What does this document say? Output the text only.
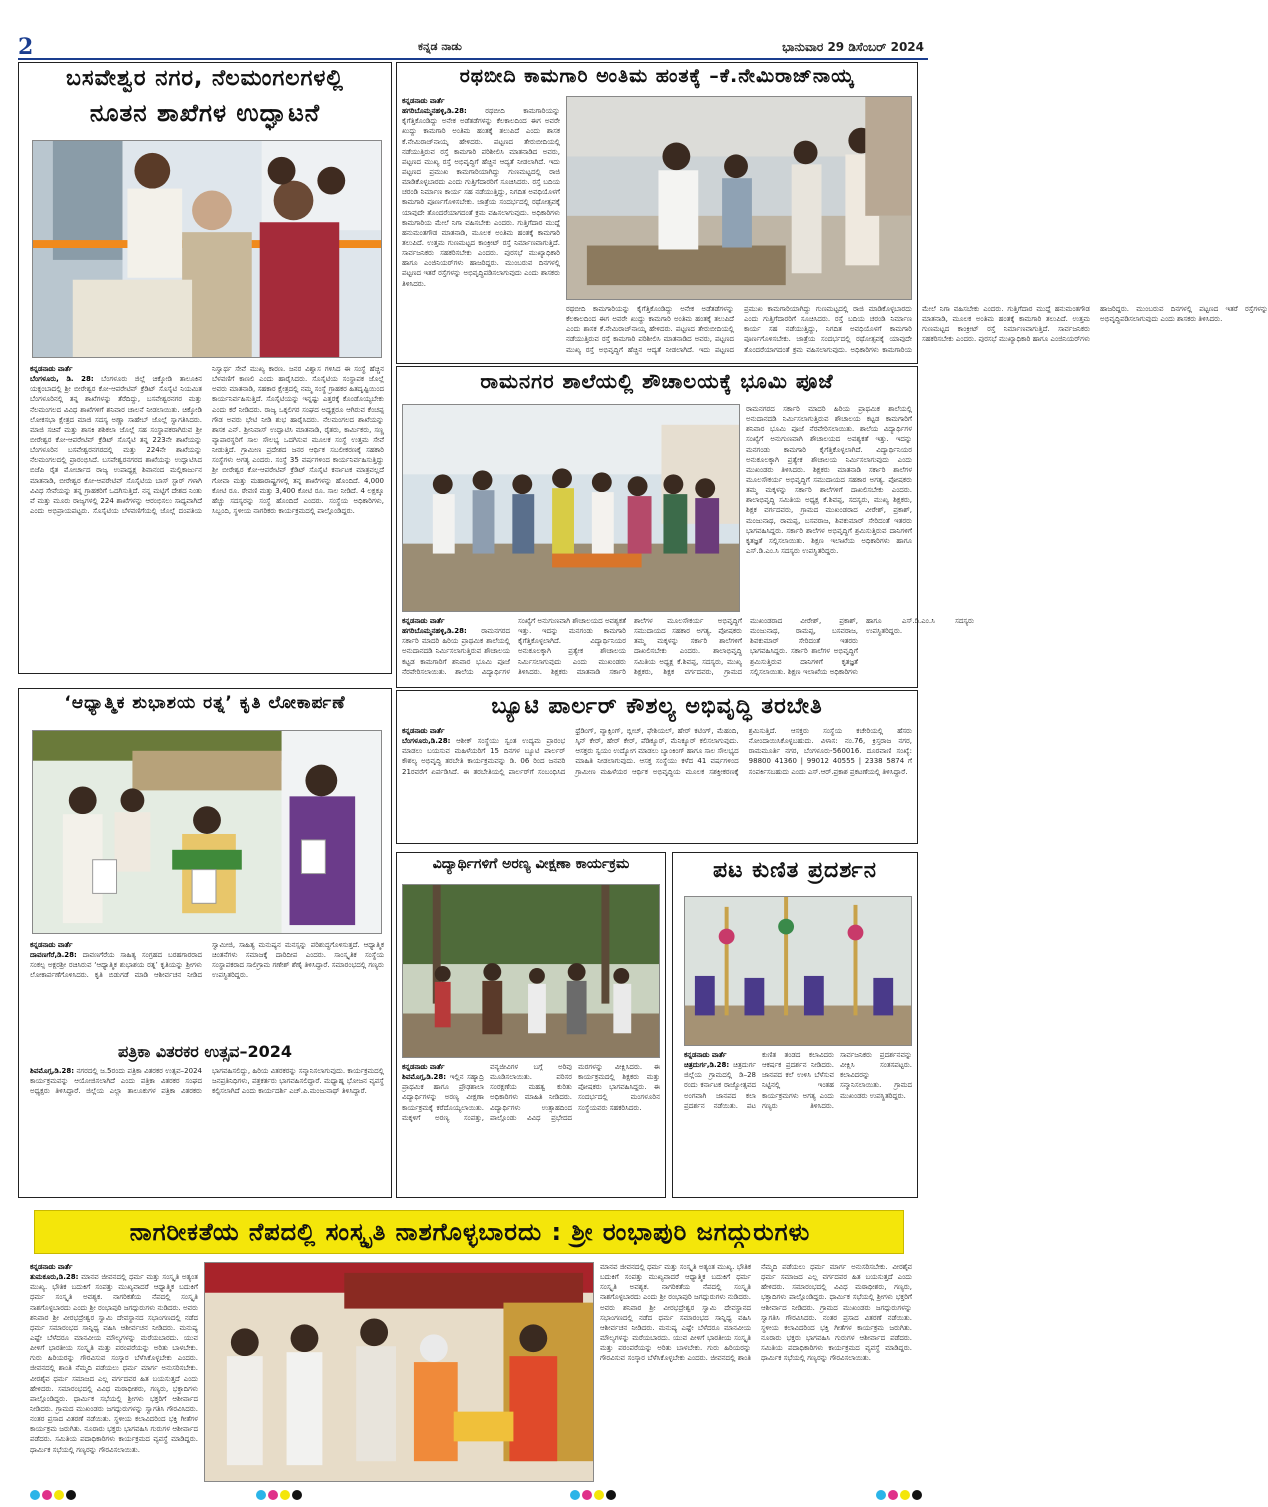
2	ಕನ್ನಡ ನಾಡು	ಭಾನುವಾರ 29 ಡಿಸೆಂಬರ್ 2024
ಬಸವೇಶ್ವರ ನಗರ, ನೆಲಮಂಗಲಗಳಲ್ಲಿ
ನೂತನ ಶಾಖೆಗಳ ಉದ್ಘಾಟನೆ
ಕನ್ನಡನಾಡು ವಾರ್ತೆ
ಬೆಂಗಳೂರು, ಡಿ. 28: ಬೆಂಗಳೂರು ಜಿಲ್ಲೆ ಚಿಕ್ಕೋಡಿ ತಾಲೂಕಿನ ಯಕ್ಸಂಬಾದಲ್ಲಿ ಶ್ರೀ ಬೀರೇಶ್ವರ ಕೋ-ಆಪರೇಟಿವ್ ಕ್ರೆಡಿಟ್ ಸೊಸೈಟಿ ನಿಯಮಿತ ಬೆಂಗಳೂರಿನಲ್ಲಿ ತನ್ನ ಶಾಖೆಗಳನ್ನು ತೆರೆದಿದ್ದು, ಬಸವೇಶ್ವರನಗರ ಮತ್ತು ನೆಲಮಂಗಲದ ವಿವಿಧ ಶಾಖೆಗಳಿಗೆ ಶನಿವಾರ ಚಾಲನೆ ನೀಡಲಾಯಿತು. ಚಿಕ್ಕೋಡಿ ಲೋಕಸಭಾ ಕ್ಷೇತ್ರದ ಮಾಜಿ ಸದಸ್ಯ ಅಣ್ಣಾ ಸಾಹೇಬ್ ಜೊಲ್ಲೆ ಸ್ವಾಗತಿಸಿದರು. ಮಾಜಿ ಸಚಿವೆ ಮತ್ತು ಶಾಸಕಿ ಶಶಿಕಲಾ ಜೊಲ್ಲೆ ಸಹ ಸಂಸ್ಥಾಪಕರಾಗಿರುವ ಶ್ರೀ ಬೀರೇಶ್ವರ ಕೋ-ಆಪರೇಟಿವ್ ಕ್ರೆಡಿಟ್ ಸೊಸೈಟಿ ತನ್ನ 223ನೇ ಶಾಖೆಯನ್ನು ಬೆಂಗಳೂರಿನ ಬಸವೇಶ್ವರನಗರದಲ್ಲಿ ಮತ್ತು 224ನೇ ಶಾಖೆಯನ್ನು ನೆಲಮಂಗಲದಲ್ಲಿ ಪ್ರಾರಂಭಿಸಿದೆ. ಬಸವೇಶ್ವರನಗರದ ಶಾಖೆಯನ್ನು ಉದ್ಘಾಟಿಸಿದ ಬಿಜೆಪಿ ರೈತ ಮೋರ್ಚಾದ ರಾಜ್ಯ ಉಪಾಧ್ಯಕ್ಷ ಶಿವಾನಂದ ಮಲ್ಲಿಕಾರ್ಜುನ ಮಾತನಾಡಿ, ಬೀರೇಶ್ವರ ಕೋ-ಆಪರೇಟಿವ್ ಸೊಸೈಟಿಯ ಬಾಸ್‌ ಸ್ಟಾರ್ ಗಳಾಗಿ ವಿವಿಧ ಸೇವೆಯನ್ನು ತನ್ನ ಗ್ರಾಹಕರಿಗೆ ಒದಗಿಸುತ್ತಿದೆ. ನನ್ನ ಮಟ್ಟಿಗೆ ದೇಶದ ನಿಂತು ವೆ ಮತ್ತು ಮೂರು ರಾಜ್ಯಗಳಲ್ಲಿ 224 ಶಾಖೆಗಳನ್ನು ಆರಂಭಿಸಲು ಸಾಧ್ಯವಾಗಿದೆ ಎಂದು ಅಭಿಪ್ರಾಯಪಟ್ಟರು. ಸೊಸೈಟಿಯ ಬೆಳವಣಿಗೆಯಲ್ಲಿ ಜೊಲ್ಲೆ ದಂಪತಿಯ ನಿಸ್ವಾರ್ಥ ಸೇವೆ ಮುಖ್ಯ ಕಾರಣ. ಜನರ ವಿಶ್ವಾಸ ಗಳಿಸಿದ ಈ ಸಂಸ್ಥೆ ಹೆಚ್ಚಿನ ಬೆಳವಣಿಗೆ ಕಾಣಲಿ ಎಂದು ಹಾರೈಸಿದರು. ಸೊಸೈಟಿಯ ಸಂಸ್ಥಾಪಕ ಜೊಲ್ಲೆ ಅವರು ಮಾತನಾಡಿ, ಸಹಕಾರ ಕ್ಷೇತ್ರದಲ್ಲಿ ನಮ್ಮ ಸಂಸ್ಥೆ ಗ್ರಾಹಕರ ಹಿತದೃಷ್ಟಿಯಿಂದ ಕಾರ್ಯನಿರ್ವಹಿಸುತ್ತಿದೆ. ಸೊಸೈಟಿಯನ್ನು ಇನ್ನಷ್ಟು ಎತ್ತರಕ್ಕೆ ಕೊಂಡೊಯ್ಯಬೇಕು ಎಂದು ಕರೆ ನೀಡಿದರು. ರಾಜ್ಯ ಒಕ್ಕಲಿಗರ ಸಂಘದ ಅಧ್ಯಕ್ಷರೂ ಆಗಿರುವ ಕೆಂಚಪ್ಪ ಗೌಡ ಅವರು ಭೇಟಿ ನೀಡಿ ಶುಭ ಹಾರೈಸಿದರು. ನೆಲಮಂಗಲದ ಶಾಖೆಯನ್ನು ಶಾಸಕ ಎನ್. ಶ್ರೀನಿವಾಸ್ ಉದ್ಘಾಟಿಸಿ ಮಾತನಾಡಿ, ರೈತರು, ಕಾರ್ಮಿಕರು, ಸಣ್ಣ ವ್ಯಾಪಾರಸ್ಥರಿಗೆ ಸಾಲ ಸೌಲಭ್ಯ ಒದಗಿಸುವ ಮೂಲಕ ಸಂಸ್ಥೆ ಉತ್ತಮ ಸೇವೆ ನೀಡುತ್ತಿದೆ. ಗ್ರಾಮೀಣ ಪ್ರದೇಶದ ಜನರ ಆರ್ಥಿಕ ಸಬಲೀಕರಣಕ್ಕೆ ಸಹಕಾರಿ ಸಂಸ್ಥೆಗಳು ಅಗತ್ಯ ಎಂದರು. ಸಂಸ್ಥೆ 35 ವರ್ಷಗಳಿಂದ ಕಾರ್ಯನಿರ್ವಹಿಸುತ್ತಿದ್ದು ಶ್ರೀ ಬೀರೇಶ್ವರ ಕೋ-ಆಪರೇಟಿವ್ ಕ್ರೆಡಿಟ್ ಸೊಸೈಟಿ ಕರ್ನಾಟಕ ಮಾತ್ರವಲ್ಲದೆ ಗೋವಾ ಮತ್ತು ಮಹಾರಾಷ್ಟ್ರಗಳಲ್ಲಿ ತನ್ನ ಶಾಖೆಗಳನ್ನು ಹೊಂದಿದೆ. 4,000 ಕೋಟಿ ರೂ. ಠೇವಣಿ ಮತ್ತು 3,400 ಕೋಟಿ ರೂ. ಸಾಲ ನೀಡಿದೆ. 4 ಲಕ್ಷಕ್ಕೂ ಹೆಚ್ಚು ಸದಸ್ಯರನ್ನು ಸಂಸ್ಥೆ ಹೊಂದಿದೆ ಎಂದರು. ಸಂಸ್ಥೆಯ ಅಧಿಕಾರಿಗಳು, ಸಿಬ್ಬಂದಿ, ಸ್ಥಳೀಯ ನಾಗರಿಕರು ಕಾರ್ಯಕ್ರಮದಲ್ಲಿ ಪಾಲ್ಗೊಂಡಿದ್ದರು.
ರಥಬೀದಿ ಕಾಮಗಾರಿ ಅಂತಿಮ ಹಂತಕ್ಕೆ –ಕೆ.ನೇಮಿರಾಜ್‌ನಾಯ್ಕ
ಕನ್ನಡನಾಡು ವಾರ್ತೆ
ಹಗರಿಬೊಮ್ಮನಹಳ್ಳಿ,ಡಿ.28:	ರಥಬೀದಿ ಕಾಮಗಾರಿಯನ್ನು ಕೈಗೆತ್ತಿಕೊಂಡಿದ್ದು ಅನೇಕ ಅಡೆತಡೆಗಳನ್ನು ಕೆಲಕಾಲದಿಂದ ಈಗ ಅವರೇ ಖುದ್ದು ಕಾಮಗಾರಿ ಅಂತಿಮ ಹಂತಕ್ಕೆ ತಲುಪಿದೆ ಎಂದು ಶಾಸಕ ಕೆ.ನೇಮಿರಾಜ್‌ನಾಯ್ಕ ಹೇಳಿದರು. ಪಟ್ಟಣದ ತೇರುಬೀದಿಯಲ್ಲಿ ನಡೆಯುತ್ತಿರುವ ರಸ್ತೆ ಕಾಮಗಾರಿ ಪರಿಶೀಲಿಸಿ ಮಾತನಾಡಿದ ಅವರು, ಪಟ್ಟಣದ ಮುಖ್ಯ ರಸ್ತೆ ಅಭಿವೃದ್ಧಿಗೆ ಹೆಚ್ಚಿನ ಆದ್ಯತೆ ನೀಡಲಾಗಿದೆ. ಇದು ಪಟ್ಟಣದ ಪ್ರಮುಖ ಕಾಮಗಾರಿಯಾಗಿದ್ದು ಗುಣಮಟ್ಟದಲ್ಲಿ ರಾಜಿ ಮಾಡಿಕೊಳ್ಳಬಾರದು ಎಂದು ಗುತ್ತಿಗೆದಾರರಿಗೆ ಸೂಚಿಸಿದರು. ರಸ್ತೆ ಬದಿಯ ಚರಂಡಿ ನಿರ್ಮಾಣ ಕಾರ್ಯ ಸಹ ನಡೆಯುತ್ತಿದ್ದು, ನಿಗದಿತ ಅವಧಿಯೊಳಗೆ ಕಾಮಗಾರಿ ಪೂರ್ಣಗೊಳಿಸಬೇಕು. ಜಾತ್ರೆಯ ಸಂದರ್ಭದಲ್ಲಿ ರಥೋತ್ಸವಕ್ಕೆ ಯಾವುದೇ ತೊಂದರೆಯಾಗದಂತೆ ಕ್ರಮ ವಹಿಸಲಾಗುವುದು. ಅಧಿಕಾರಿಗಳು ಕಾಮಗಾರಿಯ ಮೇಲೆ ನಿಗಾ ವಹಿಸಬೇಕು ಎಂದರು. ಗುತ್ತಿಗೆದಾರ ಮುದ್ದೆ ಹನುಮಂತಗೌಡ ಮಾತನಾಡಿ, ಮೂಲಕ ಅಂತಿಮ ಹಂತಕ್ಕೆ ಕಾಮಗಾರಿ ತಲುಪಿದೆ. ಉತ್ತಮ ಗುಣಮಟ್ಟದ ಕಾಂಕ್ರೀಟ್ ರಸ್ತೆ ನಿರ್ಮಾಣವಾಗುತ್ತಿದೆ. ಸಾರ್ವಜನಿಕರು ಸಹಕರಿಸಬೇಕು ಎಂದರು. ಪುರಸಭೆ ಮುಖ್ಯಾಧಿಕಾರಿ ಹಾಗೂ ಎಂಜಿನಿಯರ್‌ಗಳು ಹಾಜರಿದ್ದರು. ಮುಂಬರುವ ದಿನಗಳಲ್ಲಿ ಪಟ್ಟಣದ ಇತರೆ ರಸ್ತೆಗಳನ್ನು ಅಭಿವೃದ್ಧಿಪಡಿಸಲಾಗುವುದು ಎಂದು ಶಾಸಕರು ತಿಳಿಸಿದರು.
ರಥಬೀದಿ ಕಾಮಗಾರಿಯನ್ನು ಕೈಗೆತ್ತಿಕೊಂಡಿದ್ದು ಅನೇಕ ಅಡೆತಡೆಗಳನ್ನು ಕೆಲಕಾಲದಿಂದ ಈಗ ಅವರೇ ಖುದ್ದು ಕಾಮಗಾರಿ ಅಂತಿಮ ಹಂತಕ್ಕೆ ತಲುಪಿದೆ ಎಂದು ಶಾಸಕ ಕೆ.ನೇಮಿರಾಜ್‌ನಾಯ್ಕ ಹೇಳಿದರು. ಪಟ್ಟಣದ ತೇರುಬೀದಿಯಲ್ಲಿ ನಡೆಯುತ್ತಿರುವ ರಸ್ತೆ ಕಾಮಗಾರಿ ಪರಿಶೀಲಿಸಿ ಮಾತನಾಡಿದ ಅವರು, ಪಟ್ಟಣದ ಮುಖ್ಯ ರಸ್ತೆ ಅಭಿವೃದ್ಧಿಗೆ ಹೆಚ್ಚಿನ ಆದ್ಯತೆ ನೀಡಲಾಗಿದೆ. ಇದು ಪಟ್ಟಣದ ಪ್ರಮುಖ ಕಾಮಗಾರಿಯಾಗಿದ್ದು ಗುಣಮಟ್ಟದಲ್ಲಿ ರಾಜಿ ಮಾಡಿಕೊಳ್ಳಬಾರದು ಎಂದು ಗುತ್ತಿಗೆದಾರರಿಗೆ ಸೂಚಿಸಿದರು. ರಸ್ತೆ ಬದಿಯ ಚರಂಡಿ ನಿರ್ಮಾಣ ಕಾರ್ಯ ಸಹ ನಡೆಯುತ್ತಿದ್ದು, ನಿಗದಿತ ಅವಧಿಯೊಳಗೆ ಕಾಮಗಾರಿ ಪೂರ್ಣಗೊಳಿಸಬೇಕು. ಜಾತ್ರೆಯ ಸಂದರ್ಭದಲ್ಲಿ ರಥೋತ್ಸವಕ್ಕೆ ಯಾವುದೇ ತೊಂದರೆಯಾಗದಂತೆ ಕ್ರಮ ವಹಿಸಲಾಗುವುದು. ಅಧಿಕಾರಿಗಳು ಕಾಮಗಾರಿಯ ಮೇಲೆ ನಿಗಾ ವಹಿಸಬೇಕು ಎಂದರು. ಗುತ್ತಿಗೆದಾರ ಮುದ್ದೆ ಹನುಮಂತಗೌಡ ಮಾತನಾಡಿ, ಮೂಲಕ ಅಂತಿಮ ಹಂತಕ್ಕೆ ಕಾಮಗಾರಿ ತಲುಪಿದೆ. ಉತ್ತಮ ಗುಣಮಟ್ಟದ ಕಾಂಕ್ರೀಟ್ ರಸ್ತೆ ನಿರ್ಮಾಣವಾಗುತ್ತಿದೆ. ಸಾರ್ವಜನಿಕರು ಸಹಕರಿಸಬೇಕು ಎಂದರು. ಪುರಸಭೆ ಮುಖ್ಯಾಧಿಕಾರಿ ಹಾಗೂ ಎಂಜಿನಿಯರ್‌ಗಳು ಹಾಜರಿದ್ದರು. ಮುಂಬರುವ ದಿನಗಳಲ್ಲಿ ಪಟ್ಟಣದ ಇತರೆ ರಸ್ತೆಗಳನ್ನು ಅಭಿವೃದ್ಧಿಪಡಿಸಲಾಗುವುದು ಎಂದು ಶಾಸಕರು ತಿಳಿಸಿದರು.
ರಾಮನಗರ ಶಾಲೆಯಲ್ಲಿ ಶೌಚಾಲಯಕ್ಕೆ ಭೂಮಿ ಪೂಜೆ
ರಾಮನಗರದ ಸರ್ಕಾರಿ ಮಾದರಿ ಹಿರಿಯ ಪ್ರಾಥಮಿಕ ಶಾಲೆಯಲ್ಲಿ ಅನುದಾನದಡಿ ನಿರ್ಮಿಸಲಾಗುತ್ತಿರುವ ಶೌಚಾಲಯ ಕಟ್ಟಡ ಕಾಮಗಾರಿಗೆ ಶನಿವಾರ ಭೂಮಿ ಪೂಜೆ ನೆರವೇರಿಸಲಾಯಿತು. ಶಾಲೆಯ ವಿದ್ಯಾರ್ಥಿಗಳ ಸಂಖ್ಯೆಗೆ ಅನುಗುಣವಾಗಿ ಶೌಚಾಲಯದ ಅವಶ್ಯಕತೆ ಇತ್ತು. ಇದನ್ನು ಮನಗಂಡು ಕಾಮಗಾರಿ ಕೈಗೆತ್ತಿಕೊಳ್ಳಲಾಗಿದೆ. ವಿದ್ಯಾರ್ಥಿನಿಯರ ಅನುಕೂಲಕ್ಕಾಗಿ ಪ್ರತ್ಯೇಕ ಶೌಚಾಲಯ ನಿರ್ಮಿಸಲಾಗುವುದು ಎಂದು ಮುಖಂಡರು ತಿಳಿಸಿದರು. ಶಿಕ್ಷಕರು ಮಾತನಾಡಿ ಸರ್ಕಾರಿ ಶಾಲೆಗಳ ಮೂಲಸೌಕರ್ಯ ಅಭಿವೃದ್ಧಿಗೆ ಸಮುದಾಯದ ಸಹಕಾರ ಅಗತ್ಯ. ಪೋಷಕರು ತಮ್ಮ ಮಕ್ಕಳನ್ನು ಸರ್ಕಾರಿ ಶಾಲೆಗಳಿಗೆ ದಾಖಲಿಸಬೇಕು ಎಂದರು. ಶಾಲಾಭಿವೃದ್ಧಿ ಸಮಿತಿಯ ಅಧ್ಯಕ್ಷ ಕೆ.ಶಿವಪ್ಪ, ಸದಸ್ಯರು, ಮುಖ್ಯ ಶಿಕ್ಷಕರು, ಶಿಕ್ಷಕ ವರ್ಗದವರು, ಗ್ರಾಮದ ಮುಖಂಡರಾದ ವೀರೇಶ್, ಪ್ರಕಾಶ್, ಮಂಜುನಾಥ, ರಾಮಪ್ಪ, ಬಸವರಾಜ, ಶಿವಕುಮಾರ್ ಸೇರಿದಂತೆ ಇತರರು ಭಾಗವಹಿಸಿದ್ದರು. ಸರ್ಕಾರಿ ಶಾಲೆಗಳ ಅಭಿವೃದ್ಧಿಗೆ ಶ್ರಮಿಸುತ್ತಿರುವ ದಾನಿಗಳಿಗೆ ಕೃತಜ್ಞತೆ ಸಲ್ಲಿಸಲಾಯಿತು. ಶಿಕ್ಷಣ ಇಲಾಖೆಯ ಅಧಿಕಾರಿಗಳು ಹಾಗೂ ಎಸ್.ಡಿ.ಎಂ.ಸಿ ಸದಸ್ಯರು ಉಪಸ್ಥಿತರಿದ್ದರು.
ಕನ್ನಡನಾಡು ವಾರ್ತೆ
ಹಗರಿಬೊಮ್ಮನಹಳ್ಳಿ,ಡಿ.28: ರಾಮನಗರದ ಸರ್ಕಾರಿ ಮಾದರಿ ಹಿರಿಯ ಪ್ರಾಥಮಿಕ ಶಾಲೆಯಲ್ಲಿ ಅನುದಾನದಡಿ ನಿರ್ಮಿಸಲಾಗುತ್ತಿರುವ ಶೌಚಾಲಯ ಕಟ್ಟಡ ಕಾಮಗಾರಿಗೆ ಶನಿವಾರ ಭೂಮಿ ಪೂಜೆ ನೆರವೇರಿಸಲಾಯಿತು. ಶಾಲೆಯ ವಿದ್ಯಾರ್ಥಿಗಳ ಸಂಖ್ಯೆಗೆ ಅನುಗುಣವಾಗಿ ಶೌಚಾಲಯದ ಅವಶ್ಯಕತೆ ಇತ್ತು. ಇದನ್ನು ಮನಗಂಡು ಕಾಮಗಾರಿ ಕೈಗೆತ್ತಿಕೊಳ್ಳಲಾಗಿದೆ. ವಿದ್ಯಾರ್ಥಿನಿಯರ ಅನುಕೂಲಕ್ಕಾಗಿ ಪ್ರತ್ಯೇಕ ಶೌಚಾಲಯ ನಿರ್ಮಿಸಲಾಗುವುದು ಎಂದು ಮುಖಂಡರು ತಿಳಿಸಿದರು. ಶಿಕ್ಷಕರು ಮಾತನಾಡಿ ಸರ್ಕಾರಿ ಶಾಲೆಗಳ ಮೂಲಸೌಕರ್ಯ ಅಭಿವೃದ್ಧಿಗೆ ಸಮುದಾಯದ ಸಹಕಾರ ಅಗತ್ಯ. ಪೋಷಕರು ತಮ್ಮ ಮಕ್ಕಳನ್ನು ಸರ್ಕಾರಿ ಶಾಲೆಗಳಿಗೆ ದಾಖಲಿಸಬೇಕು ಎಂದರು. ಶಾಲಾಭಿವೃದ್ಧಿ ಸಮಿತಿಯ ಅಧ್ಯಕ್ಷ ಕೆ.ಶಿವಪ್ಪ, ಸದಸ್ಯರು, ಮುಖ್ಯ ಶಿಕ್ಷಕರು, ಶಿಕ್ಷಕ ವರ್ಗದವರು, ಗ್ರಾಮದ ಮುಖಂಡರಾದ ವೀರೇಶ್, ಪ್ರಕಾಶ್, ಮಂಜುನಾಥ, ರಾಮಪ್ಪ, ಬಸವರಾಜ, ಶಿವಕುಮಾರ್ ಸೇರಿದಂತೆ ಇತರರು ಭಾಗವಹಿಸಿದ್ದರು. ಸರ್ಕಾರಿ ಶಾಲೆಗಳ ಅಭಿವೃದ್ಧಿಗೆ ಶ್ರಮಿಸುತ್ತಿರುವ ದಾನಿಗಳಿಗೆ ಕೃತಜ್ಞತೆ ಸಲ್ಲಿಸಲಾಯಿತು. ಶಿಕ್ಷಣ ಇಲಾಖೆಯ ಅಧಿಕಾರಿಗಳು ಹಾಗೂ ಎಸ್.ಡಿ.ಎಂ.ಸಿ ಸದಸ್ಯರು ಉಪಸ್ಥಿತರಿದ್ದರು.
‘ಆಧ್ಯಾತ್ಮಿಕ ಶುಭಾಶಯ ರತ್ನ’ ಕೃತಿ ಲೋಕಾರ್ಪಣೆ
ಕನ್ನಡನಾಡು ವಾರ್ತೆ
ದಾವಣಗೆರೆ,ಡಿ.28: ದಾವಣಗೆರೆಯ ಸಾಹಿತ್ಯ ಸಂಗ್ರಹದ ಬರಹಗಾರರಾದ ಸಂಕಲ್ಪ ಅಕ್ಷರಶ್ರೀ ರಚಿಸಿರುವ ‘ಆಧ್ಯಾತ್ಮಿಕ ಶುಭಾಶಯ ರತ್ನ’ ಕೃತಿಯನ್ನು ಶ್ರೀಗಳು ಲೋಕಾರ್ಪಣೆಗೊಳಿಸಿದರು. ಕೃತಿ ಬಿಡುಗಡೆ ಮಾಡಿ ಆಶೀರ್ವಚನ ನೀಡಿದ ಸ್ವಾಮೀಜಿ, ಸಾಹಿತ್ಯ ಮನುಷ್ಯನ ಮನಸ್ಸನ್ನು ಪರಿಶುದ್ಧಗೊಳಿಸುತ್ತದೆ. ಆಧ್ಯಾತ್ಮಿಕ ಚಿಂತನೆಗಳು ಸಮಾಜಕ್ಕೆ ದಾರಿದೀಪ ಎಂದರು. ಸಾಂಸ್ಕೃತಿಕ ಸಂಸ್ಥೆಯ ಸಂಸ್ಥಾಪಕರಾದ ಸಾಲಿಗ್ರಾಮ ಗಣೇಶ್ ಶೆಣೈ ತಿಳಿಸಿದ್ದಾರೆ. ಸಮಾರಂಭದಲ್ಲಿ ಗಣ್ಯರು ಉಪಸ್ಥಿತರಿದ್ದರು.
ಪತ್ರಿಕಾ ವಿತರಕರ ಉತ್ಸವ–2024
ಶಿವಮೊಗ್ಗ,ಡಿ.28: ನಗರದಲ್ಲಿ ಜ.5ರಂದು ಪತ್ರಿಕಾ ವಿತರಕರ ಉತ್ಸವ–2024 ಕಾರ್ಯಕ್ರಮವನ್ನು ಆಯೋಜಿಸಲಾಗಿದೆ ಎಂದು ಪತ್ರಿಕಾ ವಿತರಕರ ಸಂಘದ ಅಧ್ಯಕ್ಷರು ತಿಳಿಸಿದ್ದಾರೆ. ಜಿಲ್ಲೆಯ ಎಲ್ಲಾ ತಾಲೂಕುಗಳ ಪತ್ರಿಕಾ ವಿತರಕರು ಭಾಗವಹಿಸಲಿದ್ದು, ಹಿರಿಯ ವಿತರಕರನ್ನು ಸನ್ಮಾನಿಸಲಾಗುವುದು. ಕಾರ್ಯಕ್ರಮದಲ್ಲಿ ಜನಪ್ರತಿನಿಧಿಗಳು, ಪತ್ರಕರ್ತರು ಭಾಗವಹಿಸಲಿದ್ದಾರೆ. ಮಧ್ಯಾಹ್ನ ಭೋಜನ ವ್ಯವಸ್ಥೆ ಕಲ್ಪಿಸಲಾಗಿದೆ ಎಂದು ಕಾರ್ಯದರ್ಶಿ ಎಚ್.ಪಿ.ಮಂಜುನಾಥ್ ತಿಳಿಸಿದ್ದಾರೆ.
ಬ್ಯೂಟಿ ಪಾರ್ಲರ್ ಕೌಶಲ್ಯ ಅಭಿವೃದ್ಧಿ ತರಬೇತಿ
ಕನ್ನಡನಾಡು ವಾರ್ತೆ
ಬೆಂಗಳೂರು,ಡಿ.28: ಆಶೀಕ್ ಸಂಸ್ಥೆಯು ಸ್ವಂತ ಉದ್ಯಮ ಪ್ರಾರಂಭ ಮಾಡಲು ಬಯಸುವ ಮಹಿಳೆಯರಿಗೆ 15 ದಿನಗಳ ಬ್ಯೂಟಿ ಪಾರ್ಲರ್ ಕೌಶಲ್ಯ ಅಭಿವೃದ್ಧಿ ತರಬೇತಿ ಕಾರ್ಯಕ್ರಮವನ್ನು ಡಿ. 06 ರಿಂದ ಜನವರಿ 21ರವರೆಗೆ ಏರ್ಪಡಿಸಿದೆ. ಈ ತರಬೇತಿಯಲ್ಲಿ ಪಾರ್ಲರ್‌ಗೆ ಸಂಬಂಧಿಸಿದ ಥ್ರೆಡಿಂಗ್, ವ್ಯಾಕ್ಸಿಂಗ್, ಬ್ಲೀಚ್, ಫೇಶಿಯಲ್, ಹೇರ್ ಕಟಿಂಗ್, ಮೆಹಂದಿ, ಸ್ಕಿನ್ ಕೇರ್, ಹೇರ್ ಕೇರ್, ಪೆಡಿಕ್ಯೂರ್, ಮೆನಿಕ್ಯೂರ್ ಕಲಿಸಲಾಗುವುದು. ಆಸಕ್ತರು ಸ್ವಯಂ ಉದ್ಯೋಗ ಮಾಡಲು ಬ್ಯಾಂಕಿಂಗ್ ಹಾಗೂ ಸಾಲ ಸೌಲಭ್ಯದ ಮಾಹಿತಿ ನೀಡಲಾಗುವುದು. ಆಸಕ್ತ ಸಂಸ್ಥೆಯು ಕಳೆದ 41 ವರ್ಷಗಳಿಂದ ಗ್ರಾಮೀಣ ಮಹಿಳೆಯರ ಆರ್ಥಿಕ ಅಭಿವೃದ್ಧಿಯ ಮೂಲಕ ಸಶಕ್ತೀಕರಣಕ್ಕೆ ಶ್ರಮಿಸುತ್ತಿದೆ. ಆಸಕ್ತರು ಸಂಸ್ಥೆಯ ಕಚೇರಿಯಲ್ಲಿ ಹೆಸರು ನೋಂದಾಯಿಸಿಕೊಳ್ಳಬಹುದು. ವಿಳಾಸ: ನಂ.76, ಕ್ರಿಸ್ತರಾಜ ನಗರ, ರಾಮಮೂರ್ತಿ ನಗರ, ಬೆಂಗಳೂರು-560016. ದೂರವಾಣಿ ಸಂಖ್ಯೆ: 98800 41360 | 99012 40555 | 2338 5874 ಗೆ ಸಂಪರ್ಕಿಸಬಹುದು ಎಂದು ಎಸ್.ಆರ್.ಪ್ರಕಾಶ ಪ್ರಕಟಣೆಯಲ್ಲಿ ತಿಳಿಸಿದ್ದಾರೆ.
ವಿದ್ಯಾರ್ಥಿಗಳಿಗೆ ಅರಣ್ಯ ವೀಕ್ಷಣಾ ಕಾರ್ಯಕ್ರಮ
ಕನ್ನಡನಾಡು ವಾರ್ತೆ
ಶಿವಮೊಗ್ಗ,ಡಿ.28: ಇಲ್ಲಿನ ಸಹ್ಯಾದ್ರಿ ಪ್ರಾಥಮಿಕ ಹಾಗೂ ಪ್ರೌಢಶಾಲಾ ವಿದ್ಯಾರ್ಥಿಗಳನ್ನು ಅರಣ್ಯ ವೀಕ್ಷಣಾ ಕಾರ್ಯಕ್ರಮಕ್ಕೆ ಕರೆದೊಯ್ಯಲಾಯಿತು. ಮಕ್ಕಳಿಗೆ ಅರಣ್ಯ ಸಂಪತ್ತು, ವನ್ಯಜೀವಿಗಳ ಬಗ್ಗೆ ಅರಿವು ಮೂಡಿಸಲಾಯಿತು. ಪರಿಸರ ಸಂರಕ್ಷಣೆಯ ಮಹತ್ವ ಕುರಿತು ಅಧಿಕಾರಿಗಳು ಮಾಹಿತಿ ನೀಡಿದರು. ವಿದ್ಯಾರ್ಥಿಗಳು ಉತ್ಸಾಹದಿಂದ ಪಾಲ್ಗೊಂಡು ವಿವಿಧ ಪ್ರಭೇದದ ಮರಗಳನ್ನು ವೀಕ್ಷಿಸಿದರು. ಈ ಕಾರ್ಯಕ್ರಮದಲ್ಲಿ ಶಿಕ್ಷಕರು ಮತ್ತು ಪೋಷಕರು ಭಾಗವಹಿಸಿದ್ದರು. ಈ ಸಂದರ್ಭದಲ್ಲಿ ಮಂಗಳೂರಿನ ಸಂಸ್ಥೆಯವರು ಸಹಕರಿಸಿದರು.
ಪಟ ಕುಣಿತ ಪ್ರದರ್ಶನ
ಕನ್ನಡನಾಡು ವಾರ್ತೆ
ಚಿತ್ರದುರ್ಗ,ಡಿ.28: ಚಿತ್ರದುರ್ಗ ಜಿಲ್ಲೆಯ ಗ್ರಾಮದಲ್ಲಿ ಡಿ–28 ರಂದು ಕರ್ನಾಟಕ ರಾಜ್ಯೋತ್ಸವದ ಅಂಗವಾಗಿ ಜಾನಪದ ಕಲಾ ಪ್ರದರ್ಶನ ನಡೆಯಿತು. ಪಟ ಕುಣಿತ ತಂಡದ ಕಲಾವಿದರು ಆಕರ್ಷಕ ಪ್ರದರ್ಶನ ನೀಡಿದರು. ಜಾನಪದ ಕಲೆ ಉಳಿಸಿ ಬೆಳೆಸುವ ನಿಟ್ಟಿನಲ್ಲಿ ಇಂತಹ ಕಾರ್ಯಕ್ರಮಗಳು ಅಗತ್ಯ ಎಂದು ಗಣ್ಯರು ತಿಳಿಸಿದರು. ಸಾರ್ವಜನಿಕರು ಪ್ರದರ್ಶನವನ್ನು ವೀಕ್ಷಿಸಿ ಸಂತಸಪಟ್ಟರು. ಕಲಾವಿದರನ್ನು ಸನ್ಮಾನಿಸಲಾಯಿತು. ಗ್ರಾಮದ ಮುಖಂಡರು ಉಪಸ್ಥಿತರಿದ್ದರು.
ನಾಗರೀಕತೆಯ ನೆಪದಲ್ಲಿ ಸಂಸ್ಕೃತಿ ನಾಶಗೊಳ್ಳಬಾರದು : ಶ್ರೀ ರಂಭಾಪುರಿ ಜಗದ್ಗುರುಗಳು
ಕನ್ನಡನಾಡು ವಾರ್ತೆ
ತುಮಕೂರು,ಡಿ.28: ಮಾನವ ಜೀವನದಲ್ಲಿ ಧರ್ಮ ಮತ್ತು ಸಂಸ್ಕೃತಿ ಅತ್ಯಂತ ಮುಖ್ಯ. ಭೌತಿಕ ಬದುಕಿಗೆ ಸಂಪತ್ತು ಮುಖ್ಯವಾದರೆ ಆಧ್ಯಾತ್ಮಿಕ ಬದುಕಿಗೆ ಧರ್ಮ ಸಂಸ್ಕೃತಿ ಅವಶ್ಯಕ. ನಾಗರಿಕತೆಯ ನೆಪದಲ್ಲಿ ಸಂಸ್ಕೃತಿ ನಾಶಗೊಳ್ಳಬಾರದು ಎಂದು ಶ್ರೀ ರಂಭಾಪುರಿ ಜಗದ್ಗುರುಗಳು ನುಡಿದರು. ಅವರು ಶನಿವಾರ ಶ್ರೀ ವೀರಭದ್ರೇಶ್ವರ ಸ್ವಾಮಿ ದೇವಸ್ಥಾನದ ಸಭಾಂಗಣದಲ್ಲಿ ನಡೆದ ಧರ್ಮ ಸಮಾರಂಭದ ಸಾನ್ನಿಧ್ಯ ವಹಿಸಿ ಆಶೀರ್ವಚನ ನೀಡಿದರು. ಮನುಷ್ಯ ಎಷ್ಟೇ ಬೆಳೆದರೂ ಮಾನವೀಯ ಮೌಲ್ಯಗಳನ್ನು ಮರೆಯಬಾರದು. ಯುವ ಪೀಳಿಗೆ ಭಾರತೀಯ ಸಂಸ್ಕೃತಿ ಮತ್ತು ಪರಂಪರೆಯನ್ನು ಅರಿತು ಬಾಳಬೇಕು. ಗುರು ಹಿರಿಯರನ್ನು ಗೌರವಿಸುವ ಸಂಸ್ಕಾರ ಬೆಳೆಸಿಕೊಳ್ಳಬೇಕು ಎಂದರು. ಜೀವನದಲ್ಲಿ ಶಾಂತಿ ನೆಮ್ಮದಿ ಪಡೆಯಲು ಧರ್ಮ ಮಾರ್ಗ ಅನುಸರಿಸಬೇಕು. ವೀರಶೈವ ಧರ್ಮ ಸಮಾಜದ ಎಲ್ಲ ವರ್ಗದವರ ಹಿತ ಬಯಸುತ್ತದೆ ಎಂದು ಹೇಳಿದರು. ಸಮಾರಂಭದಲ್ಲಿ ವಿವಿಧ ಮಠಾಧೀಶರು, ಗಣ್ಯರು, ಭಕ್ತಾದಿಗಳು ಪಾಲ್ಗೊಂಡಿದ್ದರು. ಧಾರ್ಮಿಕ ಸಭೆಯಲ್ಲಿ ಶ್ರೀಗಳು ಭಕ್ತರಿಗೆ ಆಶೀರ್ವಾದ ನೀಡಿದರು. ಗ್ರಾಮದ ಮುಖಂಡರು ಜಗದ್ಗುರುಗಳನ್ನು ಸ್ವಾಗತಿಸಿ ಗೌರವಿಸಿದರು. ನಂತರ ಪ್ರಸಾದ ವಿತರಣೆ ನಡೆಯಿತು. ಸ್ಥಳೀಯ ಕಲಾವಿದರಿಂದ ಭಕ್ತಿ ಗೀತೆಗಳ ಕಾರ್ಯಕ್ರಮ ಜರುಗಿತು. ನೂರಾರು ಭಕ್ತರು ಭಾಗವಹಿಸಿ ಗುರುಗಳ ಆಶೀರ್ವಾದ ಪಡೆದರು. ಸಮಿತಿಯ ಪದಾಧಿಕಾರಿಗಳು ಕಾರ್ಯಕ್ರಮದ ವ್ಯವಸ್ಥೆ ಮಾಡಿದ್ದರು. ಧಾರ್ಮಿಕ ಸಭೆಯಲ್ಲಿ ಗಣ್ಯರನ್ನು ಗೌರವಿಸಲಾಯಿತು.
ಮಾನವ ಜೀವನದಲ್ಲಿ ಧರ್ಮ ಮತ್ತು ಸಂಸ್ಕೃತಿ ಅತ್ಯಂತ ಮುಖ್ಯ. ಭೌತಿಕ ಬದುಕಿಗೆ ಸಂಪತ್ತು ಮುಖ್ಯವಾದರೆ ಆಧ್ಯಾತ್ಮಿಕ ಬದುಕಿಗೆ ಧರ್ಮ ಸಂಸ್ಕೃತಿ ಅವಶ್ಯಕ. ನಾಗರಿಕತೆಯ ನೆಪದಲ್ಲಿ ಸಂಸ್ಕೃತಿ ನಾಶಗೊಳ್ಳಬಾರದು ಎಂದು ಶ್ರೀ ರಂಭಾಪುರಿ ಜಗದ್ಗುರುಗಳು ನುಡಿದರು. ಅವರು ಶನಿವಾರ ಶ್ರೀ ವೀರಭದ್ರೇಶ್ವರ ಸ್ವಾಮಿ ದೇವಸ್ಥಾನದ ಸಭಾಂಗಣದಲ್ಲಿ ನಡೆದ ಧರ್ಮ ಸಮಾರಂಭದ ಸಾನ್ನಿಧ್ಯ ವಹಿಸಿ ಆಶೀರ್ವಚನ ನೀಡಿದರು. ಮನುಷ್ಯ ಎಷ್ಟೇ ಬೆಳೆದರೂ ಮಾನವೀಯ ಮೌಲ್ಯಗಳನ್ನು ಮರೆಯಬಾರದು. ಯುವ ಪೀಳಿಗೆ ಭಾರತೀಯ ಸಂಸ್ಕೃತಿ ಮತ್ತು ಪರಂಪರೆಯನ್ನು ಅರಿತು ಬಾಳಬೇಕು. ಗುರು ಹಿರಿಯರನ್ನು ಗೌರವಿಸುವ ಸಂಸ್ಕಾರ ಬೆಳೆಸಿಕೊಳ್ಳಬೇಕು ಎಂದರು. ಜೀವನದಲ್ಲಿ ಶಾಂತಿ ನೆಮ್ಮದಿ ಪಡೆಯಲು ಧರ್ಮ ಮಾರ್ಗ ಅನುಸರಿಸಬೇಕು. ವೀರಶೈವ ಧರ್ಮ ಸಮಾಜದ ಎಲ್ಲ ವರ್ಗದವರ ಹಿತ ಬಯಸುತ್ತದೆ ಎಂದು ಹೇಳಿದರು. ಸಮಾರಂಭದಲ್ಲಿ ವಿವಿಧ ಮಠಾಧೀಶರು, ಗಣ್ಯರು, ಭಕ್ತಾದಿಗಳು ಪಾಲ್ಗೊಂಡಿದ್ದರು. ಧಾರ್ಮಿಕ ಸಭೆಯಲ್ಲಿ ಶ್ರೀಗಳು ಭಕ್ತರಿಗೆ ಆಶೀರ್ವಾದ ನೀಡಿದರು. ಗ್ರಾಮದ ಮುಖಂಡರು ಜಗದ್ಗುರುಗಳನ್ನು ಸ್ವಾಗತಿಸಿ ಗೌರವಿಸಿದರು. ನಂತರ ಪ್ರಸಾದ ವಿತರಣೆ ನಡೆಯಿತು. ಸ್ಥಳೀಯ ಕಲಾವಿದರಿಂದ ಭಕ್ತಿ ಗೀತೆಗಳ ಕಾರ್ಯಕ್ರಮ ಜರುಗಿತು. ನೂರಾರು ಭಕ್ತರು ಭಾಗವಹಿಸಿ ಗುರುಗಳ ಆಶೀರ್ವಾದ ಪಡೆದರು. ಸಮಿತಿಯ ಪದಾಧಿಕಾರಿಗಳು ಕಾರ್ಯಕ್ರಮದ ವ್ಯವಸ್ಥೆ ಮಾಡಿದ್ದರು. ಧಾರ್ಮಿಕ ಸಭೆಯಲ್ಲಿ ಗಣ್ಯರನ್ನು ಗೌರವಿಸಲಾಯಿತು.
